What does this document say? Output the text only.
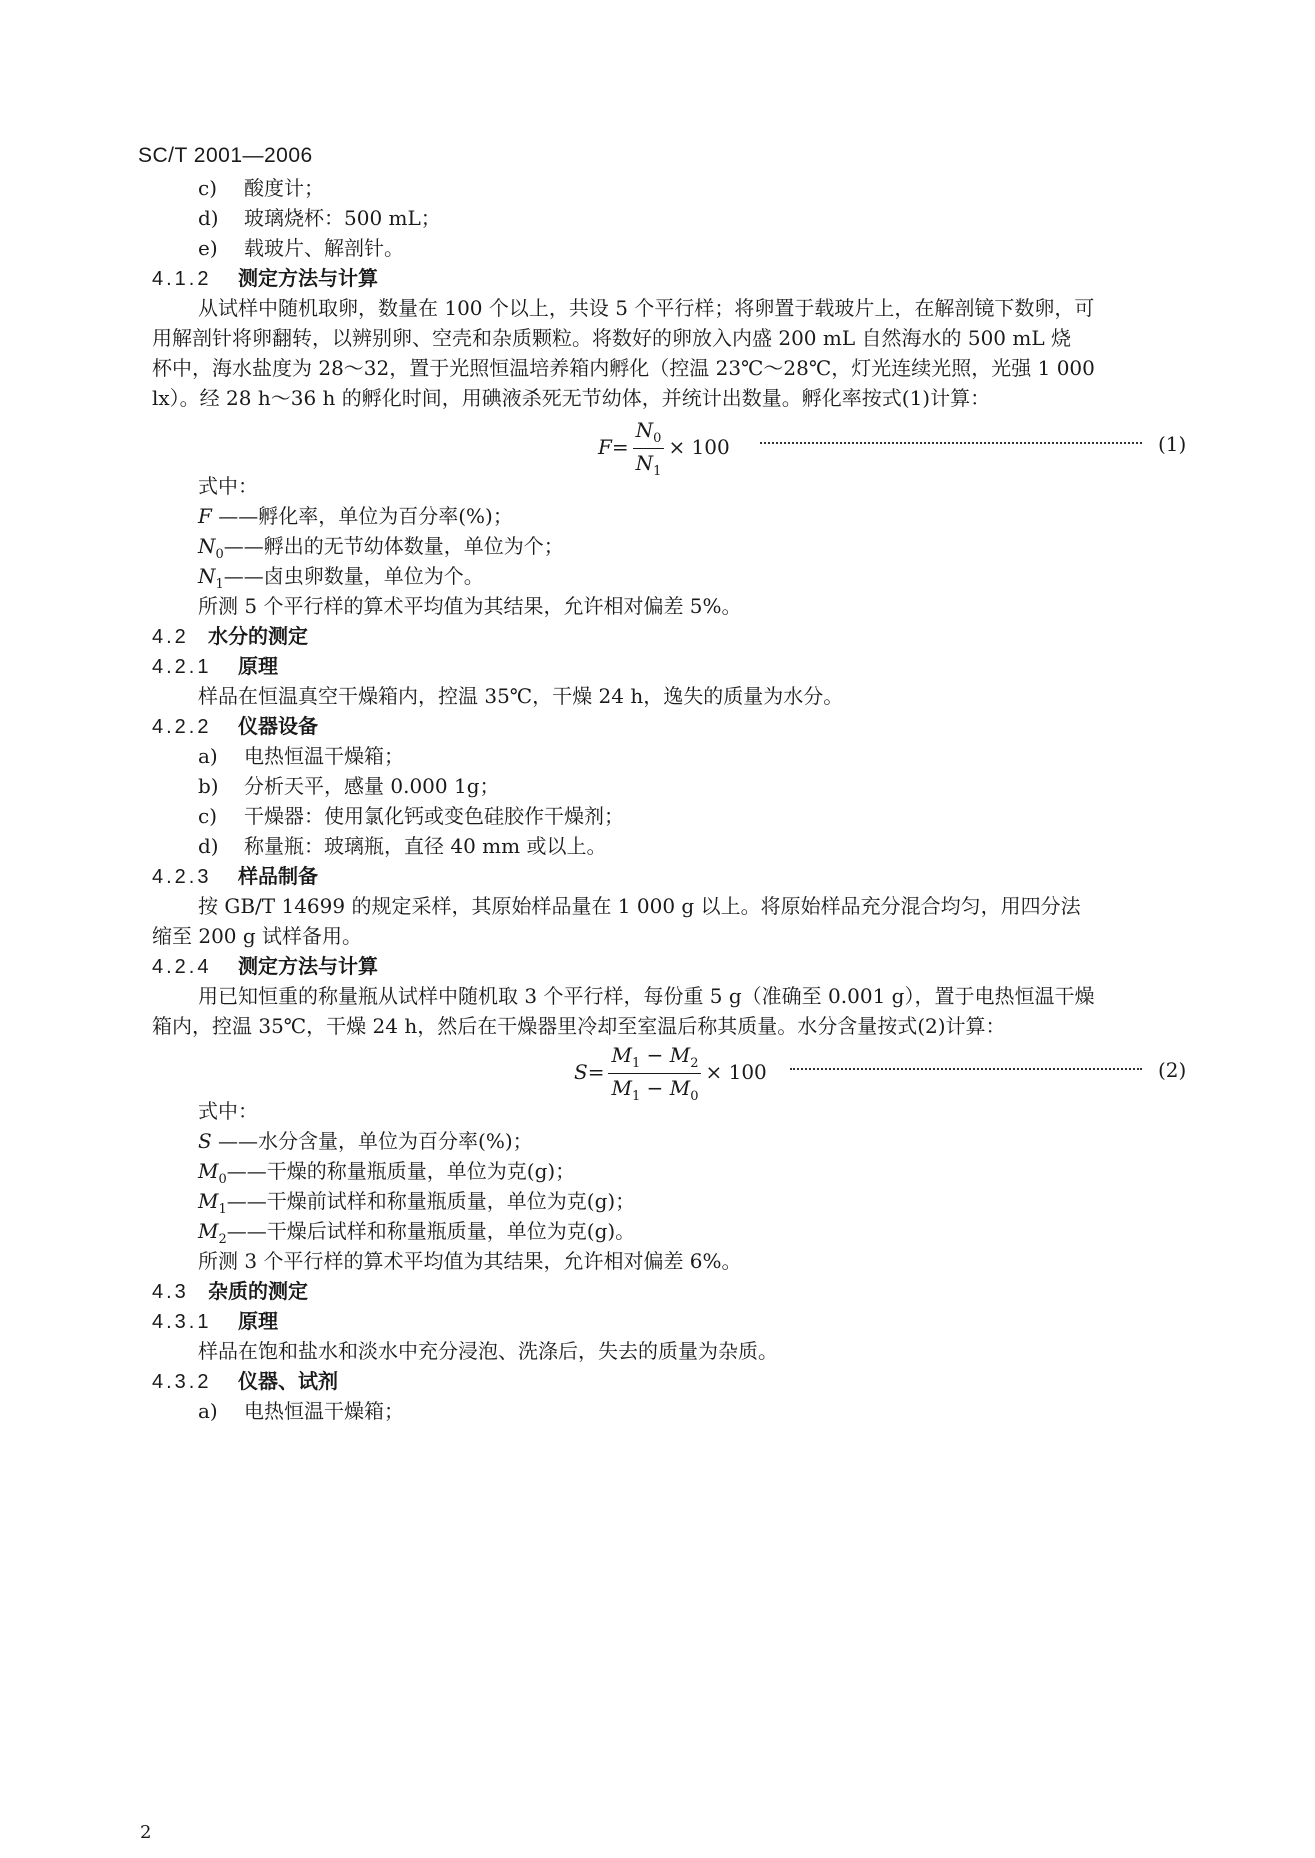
SC/T 2001—2006
c) 酸度计；
d) 玻璃烧杯：500 mL；
e) 载玻片、解剖针。
4.1.2 测定方法与计算
从试样中随机取卵，数量在 100 个以上，共设 5 个平行样；将卵置于载玻片上，在解剖镜下数卵，可
用解剖针将卵翻转，以辨别卵、空壳和杂质颗粒。将数好的卵放入内盛 200 mL 自然海水的 500 mL 烧
杯中，海水盐度为 28～32，置于光照恒温培养箱内孵化（控温 23℃～28℃，灯光连续光照，光强 1 000
lx）。经 28 h～36 h 的孵化时间，用碘液杀死无节幼体，并统计出数量。孵化率按式(1)计算：
$F= \frac{N_0}{N_1} \times 100$	(1)
式中：
F ——孵化率，单位为百分率(%)；
$N_0——$孵出的无节幼体数量，单位为个；
$N_1——$卤虫卵数量，单位为个。
所测 5 个平行样的算术平均值为其结果，允许相对偏差 5%。
4.2 水分的测定
4.2.1 原理
样品在恒温真空干燥箱内，控温 35℃，干燥 24 h，逸失的质量为水分。
4.2.2 仪器设备
a) 电热恒温干燥箱；
b) 分析天平，感量 0.000 1g；
c) 干燥器：使用氯化钙或变色硅胶作干燥剂；
d) 称量瓶：玻璃瓶，直径 40 mm 或以上。
4.2.3 样品制备
按 GB/T 14699 的规定采样，其原始样品量在 1 000 g 以上。将原始样品充分混合均匀，用四分法
缩至 200 g 试样备用。
4.2.4 测定方法与计算
用已知恒重的称量瓶从试样中随机取 3 个平行样，每份重 5 g（准确至 0.001 g），置于电热恒温干燥
箱内，控温 35℃，干燥 24 h，然后在干燥器里冷却至室温后称其质量。水分含量按式(2)计算：
$S= \frac{M_1 - M_2}{M_1 - M_0} \times 100$	(2)
式中：
S ——水分含量，单位为百分率(%)；
$M_0——$干燥的称量瓶质量，单位为克(g)；
$M_1——$干燥前试样和称量瓶质量，单位为克(g)；
$M_2——$干燥后试样和称量瓶质量，单位为克(g)。
所测 3 个平行样的算术平均值为其结果，允许相对偏差 6%。
4.3 杂质的测定
4.3.1 原理
样品在饱和盐水和淡水中充分浸泡、洗涤后，失去的质量为杂质。
4.3.2 仪器、试剂
a) 电热恒温干燥箱；
2
